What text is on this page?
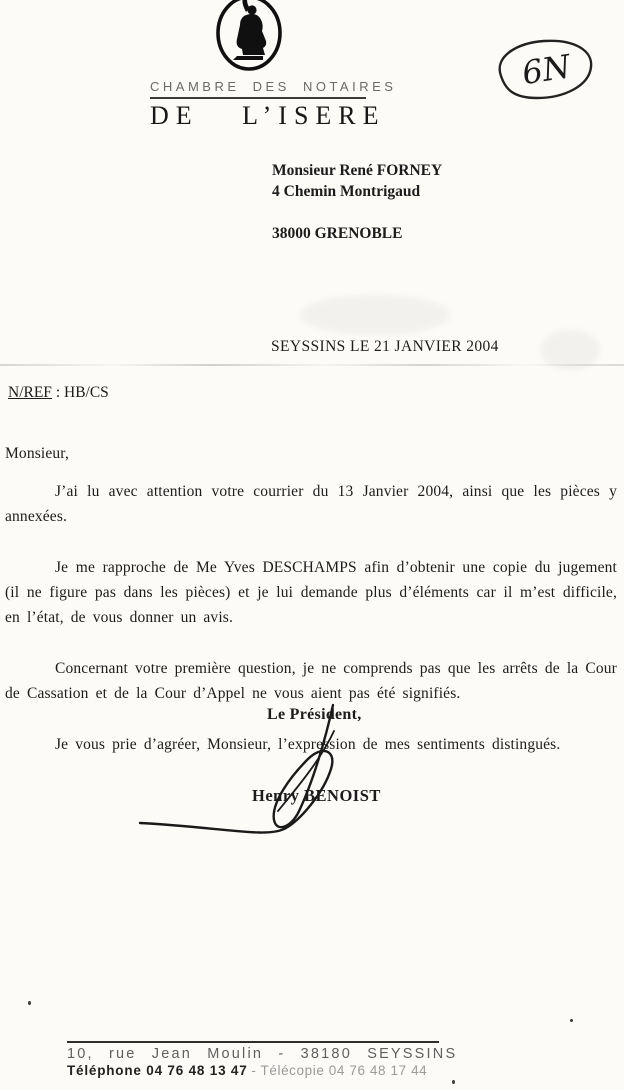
CHAMBRE DES NOTAIRES
DE L’ISERE
6N
Monsieur René FORNEY
4 Chemin Montrigaud
38000 GRENOBLE
SEYSSINS LE 21 JANVIER 2004
N/REF : HB/CS
Monsieur,

J’ai lu avec attention votre courrier du 13 Janvier 2004, ainsi que les pièces y annexées.

Je me rapproche de Me Yves DESCHAMPS afin d’obtenir une copie du jugement (il ne figure pas dans les pièces) et je lui demande plus d’éléments car il m’est difficile, en l’état, de vous donner un avis.

Concernant votre première question, je ne comprends pas que les arrêts de la Cour de Cassation et de la Cour d’Appel ne vous aient pas été signifiés.

Je vous prie d’agréer, Monsieur, l’expression de mes sentiments distingués.

Le Président,
Henry BENOIST
10, rue Jean Moulin - 38180 SEYSSINS
Téléphone 04 76 48 13 47 - Télécopie 04 76 48 17 44
